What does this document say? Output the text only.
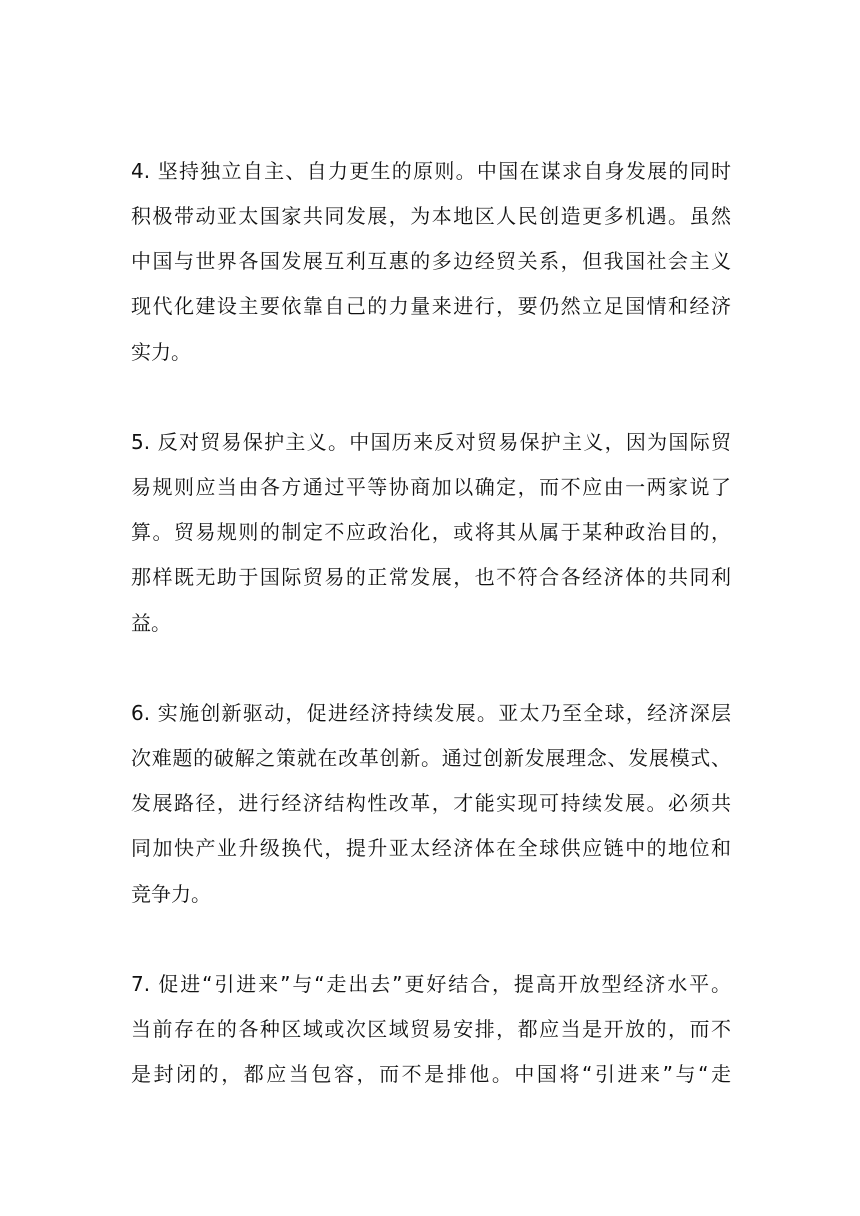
4. 坚持独立自主、自力更生的原则。中国在谋求自身发展的同时
积极带动亚太国家共同发展，为本地区人民创造更多机遇。虽然
中国与世界各国发展互利互惠的多边经贸关系，但我国社会主义
现代化建设主要依靠自己的力量来进行，要仍然立足国情和经济
实力。
5. 反对贸易保护主义。中国历来反对贸易保护主义，因为国际贸
易规则应当由各方通过平等协商加以确定，而不应由一两家说了
算。贸易规则的制定不应政治化，或将其从属于某种政治目的，
那样既无助于国际贸易的正常发展，也不符合各经济体的共同利
益。
6. 实施创新驱动，促进经济持续发展。亚太乃至全球，经济深层
次难题的破解之策就在改革创新。通过创新发展理念、发展模式、
发展路径，进行经济结构性改革，才能实现可持续发展。必须共
同加快产业升级换代，提升亚太经济体在全球供应链中的地位和
竞争力。
7. 促进“引进来”与“走出去”更好结合，提高开放型经济水平。
当前存在的各种区域或次区域贸易安排，都应当是开放的，而不
是封闭的，都应当包容，而不是排他。中国将“引进来”与“走
